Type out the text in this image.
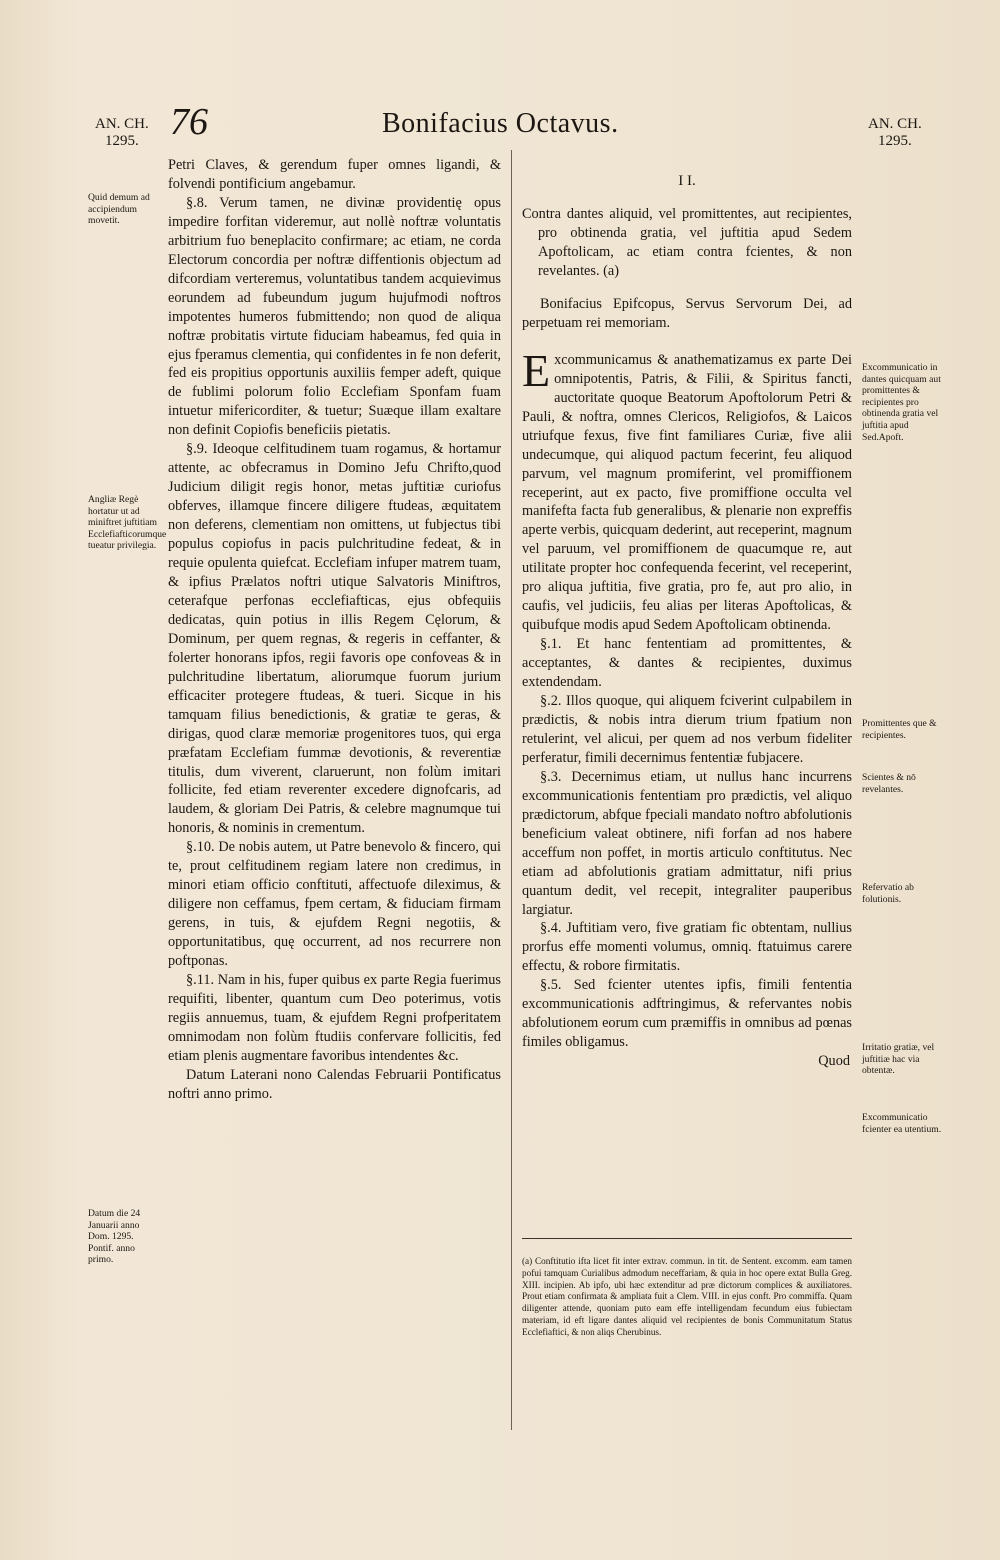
AN. CH.
1295. 76	Bonifacius Octavus.	AN. CH.
1295.

Petri Claves, & gerendum fuper omnes ligandi, & folvendi pontificium angebamur.

§.8. Verum tamen, ne divinæ providentię opus impedire forfitan videremur, aut nollè noftræ voluntatis arbitrium fuo beneplacito confirmare; ac etiam, ne corda Electorum concordia per noftræ diffentionis objectum ad difcordiam verteremus, voluntatibus tandem acquievimus eorundem ad fubeundum jugum hujufmodi noftros impotentes humeros fubmittendo; non quod de aliqua noftræ probitatis virtute fiduciam habeamus, fed quia in ejus fperamus clementia, qui confidentes in fe non deferit, fed eis propitius opportunis auxiliis femper adeft, quique de fublimi polorum folio Ecclefiam Sponfam fuam intuetur mifericorditer, & tuetur; Suæque illam exaltare non definit Copiofis beneficiis pietatis.

§.9. Ideoque celfitudinem tuam rogamus, & hortamur attente, ac obfecramus in Domino Jefu Chrifto,quod Judicium diligit regis honor, metas juftitiæ curiofus obferves, illamque fincere diligere ftudeas, æquitatem non deferens, clementiam non omittens, ut fubjectus tibi populus copiofus in pacis pulchritudine fedeat, & in requie opulenta quiefcat. Ecclefiam infuper matrem tuam, & ipfius Prælatos noftri utique Salvatoris Miniftros, ceterafque perfonas ecclefiafticas, ejus obfequiis dedicatas, quin potius in illis Regem Cęlorum, & Dominum, per quem regnas, & regeris in ceffanter, & folerter honorans ipfos, regii favoris ope confoveas & in pulchritudine libertatum, aliorumque fuorum jurium efficaciter protegere ftudeas, & tueri. Sicque in his tamquam filius benedictionis, & gratiæ te geras, & dirigas, quod claræ memoriæ progenitores tuos, qui erga præfatam Ecclefiam fummæ devotionis, & reverentiæ titulis, dum viverent, claruerunt, non folùm imitari follicite, fed etiam reverenter excedere dignofcaris, ad laudem, & gloriam Dei Patris, & celebre magnumque tui honoris, & nominis in crementum.

§.10. De nobis autem, ut Patre benevolo & fincero, qui te, prout celfitudinem regiam latere non credimus, in minori etiam officio conftituti, affectuofe dileximus, & diligere non ceffamus, fpem certam, & fiduciam firmam gerens, in tuis, & ejufdem Regni negotiis, & opportunitatibus, quę occurrent, ad nos recurrere non poftponas.

§.11. Nam in his, fuper quibus ex parte Regia fuerimus requifiti, libenter, quantum cum Deo poterimus, votis regiis annuemus, tuam, & ejufdem Regni profperitatem omnimodam non folùm ftudiis confervare follicitis, fed etiam plenis augmentare favoribus intendentes &c.

Datum Laterani nono Calendas Februarii Pontificatus noftri anno primo.

I I.

Contra dantes aliquid, vel promittentes, aut recipientes, pro obtinenda gratia, vel juftitia apud Sedem Apoftolicam, ac etiam contra fcientes, & non revelantes. (a)

Bonifacius Epifcopus, Servus Servorum Dei, ad perpetuam rei memoriam.

Excommunicamus & anathematizamus ex parte Dei omnipotentis, Patris, & Filii, & Spiritus fancti, auctoritate quoque Beatorum Apoftolorum Petri & Pauli, & noftra, omnes Clericos, Religiofos, & Laicos utriufque fexus, five fint familiares Curiæ, five alii undecumque, qui aliquod pactum fecerint, feu aliquod parvum, vel magnum promiferint, vel promiffionem receperint, aut ex pacto, five promiffione occulta vel manifefta facta fub generalibus, & plenarie non expreffis aperte verbis, quicquam dederint, aut receperint, magnum vel paruum, vel promiffionem de quacumque re, aut utilitate propter hoc confequenda fecerint, vel receperint, pro aliqua juftitia, five gratia, pro fe, aut pro alio, in caufis, vel judiciis, feu alias per literas Apoftolicas, & quibufque modis apud Sedem Apoftolicam obtinenda.

§.1. Et hanc fententiam ad promittentes, & acceptantes, & dantes & recipientes, duximus extendendam.

§.2. Illos quoque, qui aliquem fciverint culpabilem in prædictis, & nobis intra dierum trium fpatium non retulerint, vel alicui, per quem ad nos verbum fideliter perferatur, fimili decernimus fententiæ fubjacere.

§.3. Decernimus etiam, ut nullus hanc incurrens excommunicationis fententiam pro prædictis, vel aliquo prædictorum, abfque fpeciali mandato noftro abfolutionis beneficium valeat obtinere, nifi forfan ad nos habere acceffum non poffet, in mortis articulo conftitutus. Nec etiam ad abfolutionis gratiam admittatur, nifi prius quantum dedit, vel recepit, integraliter pauperibus largiatur.

§.4. Juftitiam vero, five gratiam fic obtentam, nullius prorfus effe momenti volumus, omniq. ftatuimus carere effectu, & robore firmitatis.

§.5. Sed fcienter utentes ipfis, fimili fententia excommunicationis adftringimus, & refervantes nobis abfolutionem eorum cum præmiffis in omnibus ad pœnas fimiles obligamus.

Quod

(a) Conftitutio ifta licet fit inter extrav. commun. in tit. de Sentent. excomm. eam tamen pofui tamquam Curialibus admodum neceffariam, & quia in hoc opere extat Bulla Greg. XIII. incipien. Ab ipfo, ubi hæc extenditur ad præ dictorum complices & auxiliatores. Prout etiam confirmata & ampliata fuit a Clem. VIII. in ejus conft. Pro commiffa. Quam diligenter attende, quoniam puto eam effe intelligendam fecundum eius fubiectam materiam, id eft ligare dantes aliquid vel recipientes de bonis Communitatum Status Ecclefiaftici, & non aliqs Cherubinus.

Quid demum ad accipiendum movetit.
Angliæ Regè hortatur ut ad miniftret juftitiam Ecclefiafticorumque tueatur privilegia.
Datum die 24 Januarii anno Dom. 1295. Pontif. anno primo.
Excommunicatio in dantes quicquam aut promittentes & recipientes pro obtinenda gratia vel juftitia apud Sed.Apoft.
Promittentes que & recipientes.
Scientes & nō revelantes.
Refervatio ab folutionis.
Irritatio gratiæ, vel juftitiæ hac via obtentæ.
Excommunicatio fcienter ea utentium.
